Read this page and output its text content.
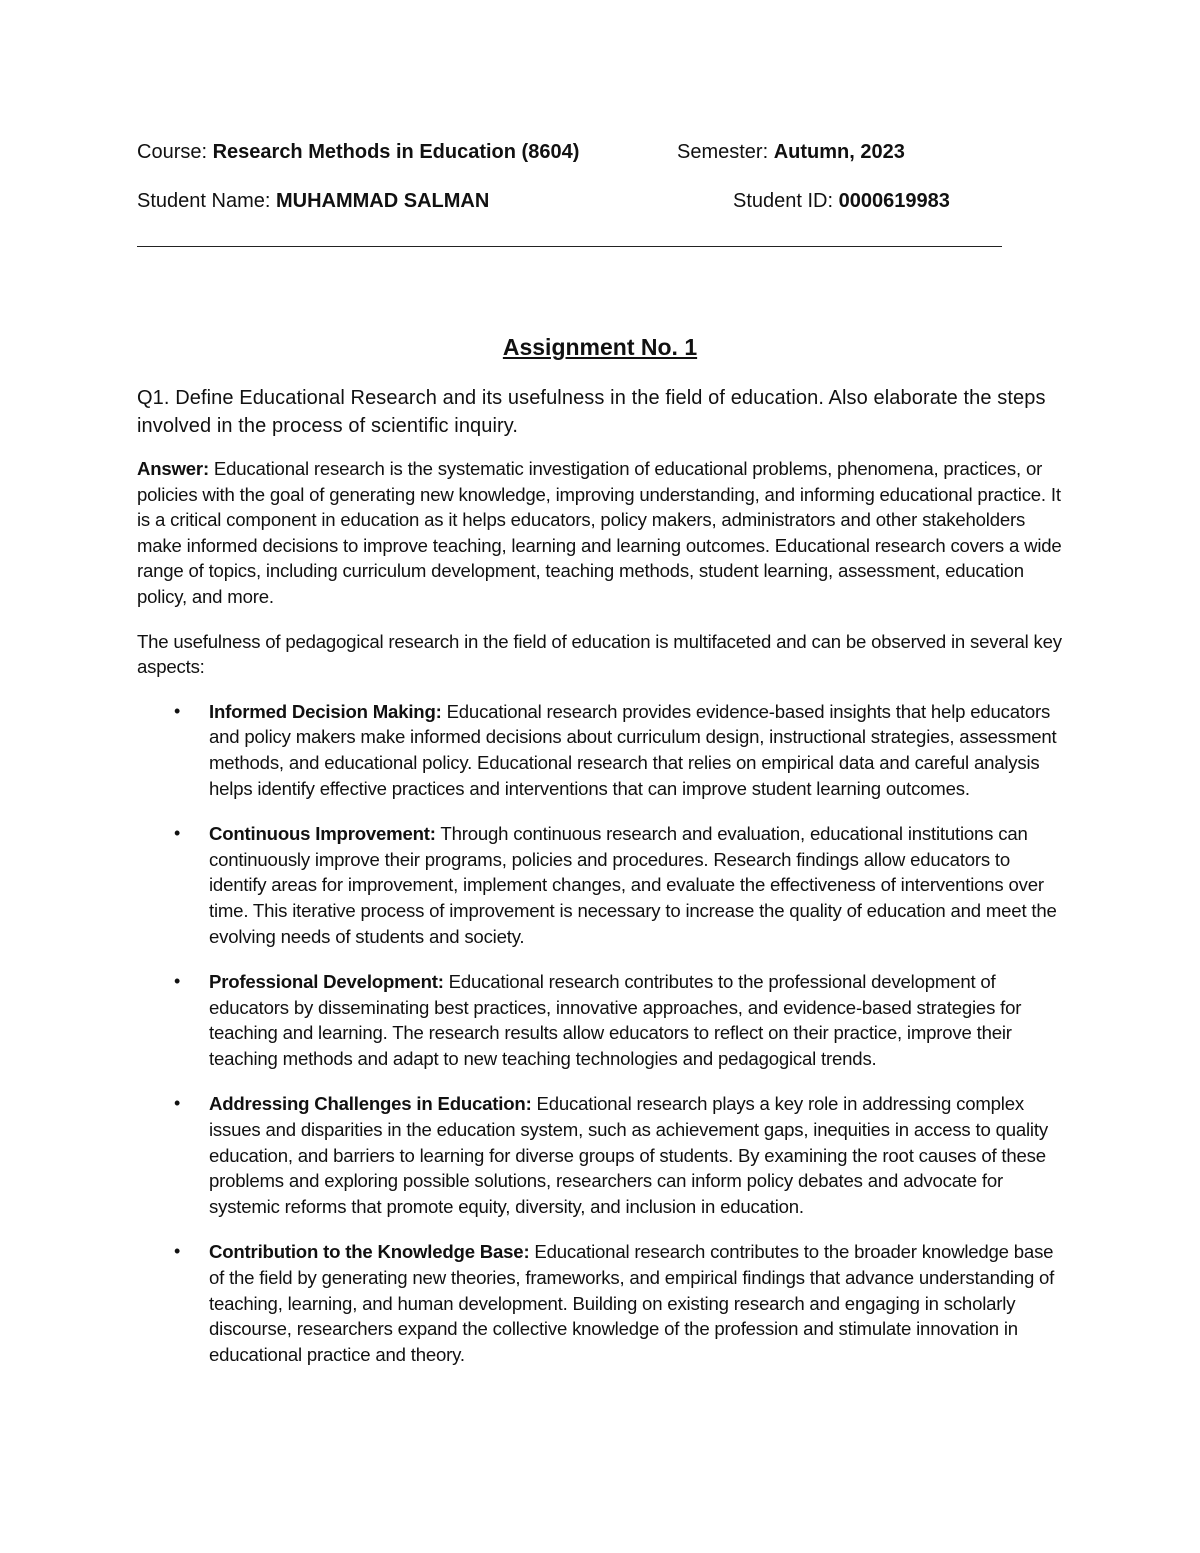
Course: Research Methods in Education (8604)	Semester: Autumn, 2023
Student Name: MUHAMMAD SALMAN	Student ID: 0000619983
Assignment No. 1

Q1. Define Educational Research and its usefulness in the field of education. Also elaborate the steps involved in the process of scientific inquiry.

Answer: Educational research is the systematic investigation of educational problems, phenomena, practices, or policies with the goal of generating new knowledge, improving understanding, and informing educational practice. It is a critical component in education as it helps educators, policy makers, administrators and other stakeholders make informed decisions to improve teaching, learning and learning outcomes. Educational research covers a wide range of topics, including curriculum development, teaching methods, student learning, assessment, education policy, and more.

The usefulness of pedagogical research in the field of education is multifaceted and can be observed in several key aspects:

• Informed Decision Making: Educational research provides evidence-based insights that help educators and policy makers make informed decisions about curriculum design, instructional strategies, assessment methods, and educational policy. Educational research that relies on empirical data and careful analysis helps identify effective practices and interventions that can improve student learning outcomes.
• Continuous Improvement: Through continuous research and evaluation, educational institutions can continuously improve their programs, policies and procedures. Research findings allow educators to identify areas for improvement, implement changes, and evaluate the effectiveness of interventions over time. This iterative process of improvement is necessary to increase the quality of education and meet the evolving needs of students and society.
• Professional Development: Educational research contributes to the professional development of educators by disseminating best practices, innovative approaches, and evidence-based strategies for teaching and learning. The research results allow educators to reflect on their practice, improve their teaching methods and adapt to new teaching technologies and pedagogical trends.
• Addressing Challenges in Education: Educational research plays a key role in addressing complex issues and disparities in the education system, such as achievement gaps, inequities in access to quality education, and barriers to learning for diverse groups of students. By examining the root causes of these problems and exploring possible solutions, researchers can inform policy debates and advocate for systemic reforms that promote equity, diversity, and inclusion in education.
• Contribution to the Knowledge Base: Educational research contributes to the broader knowledge base of the field by generating new theories, frameworks, and empirical findings that advance understanding of teaching, learning, and human development. Building on existing research and engaging in scholarly discourse, researchers expand the collective knowledge of the profession and stimulate innovation in educational practice and theory.
